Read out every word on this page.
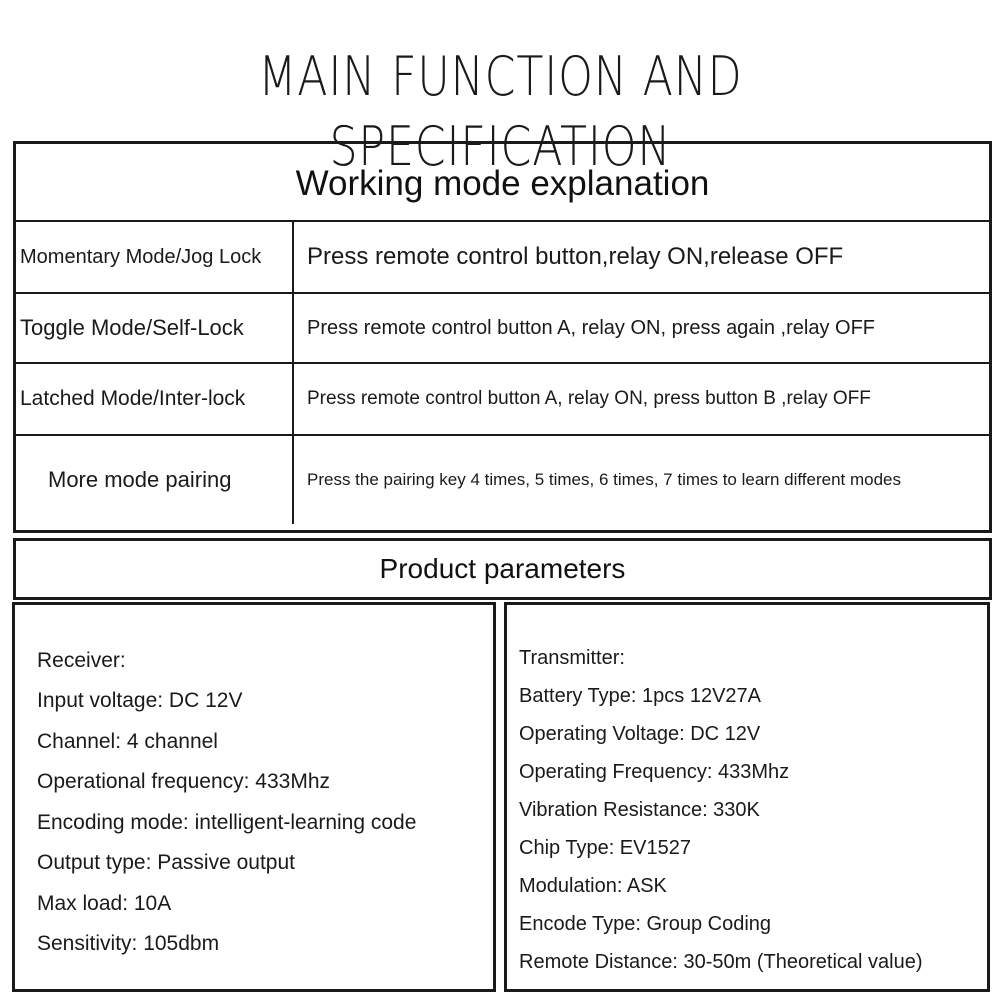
MAIN FUNCTION AND SPECIFICATION
Working mode explanation
Momentary Mode/Jog Lock	Press remote control button,relay ON,release OFF
Toggle Mode/Self-Lock	Press remote control button A, relay ON, press again ,relay OFF
Latched Mode/Inter-lock	Press remote control button A, relay ON, press button B ,relay OFF
More mode pairing	Press the pairing key 4 times, 5 times, 6 times, 7 times to learn different modes
Product parameters
Receiver:
Input voltage: DC 12V
Channel: 4 channel
Operational frequency: 433Mhz
Encoding mode: intelligent-learning code
Output type: Passive output
Max load: 10A
Sensitivity: 105dbm
Transmitter:
Battery Type: 1pcs 12V27A
Operating Voltage: DC 12V
Operating Frequency: 433Mhz
Vibration Resistance: 330K
Chip Type: EV1527
Modulation: ASK
Encode Type: Group Coding
Remote Distance: 30-50m (Theoretical value)
